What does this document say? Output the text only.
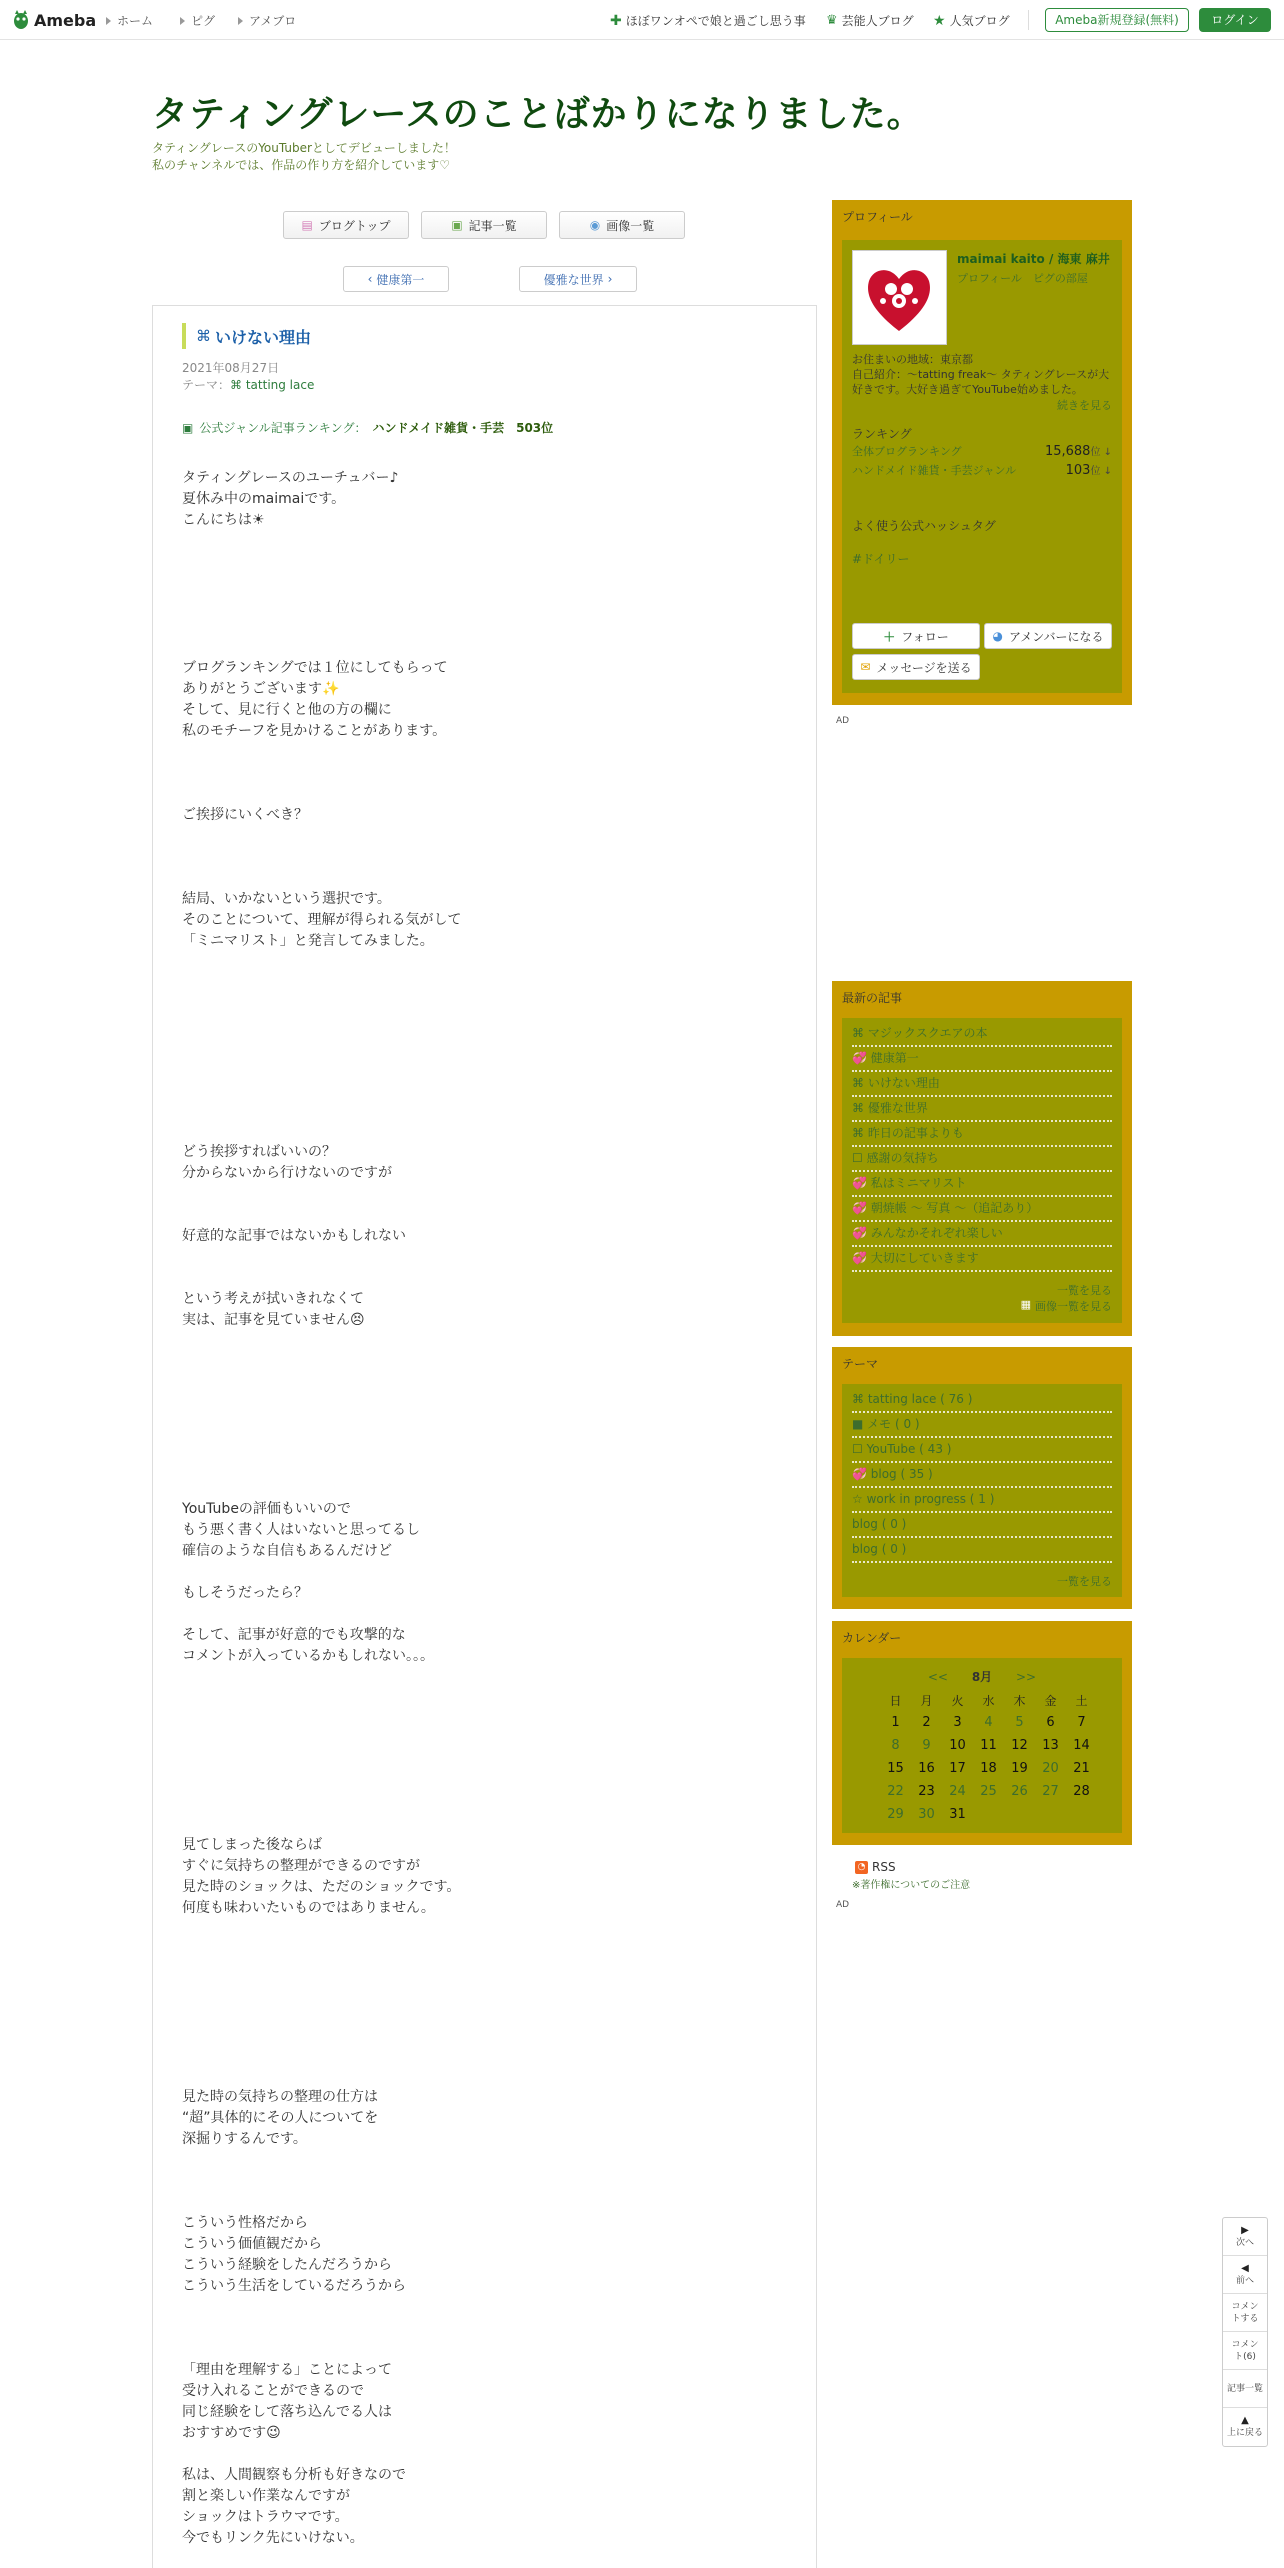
Ameba ホーム	ピグ	アメブロ	✚ ほぼワンオペで娘と過ごし思う事 ♛ 芸能人ブログ ★ 人気ブログ	Ameba新規登録(無料)	ログイン
タティングレースのことばかりになりました。
タティングレースのYouTuberとしてデビューしました！
私のチャンネルでは、作品の作り方を紹介しています♡
▤ ブログトップ	▣ 記事一覧	◉ 画像一覧
‹ 健康第一	優雅な世界 ›
⌘ いけない理由
2021年08月27日
テーマ：⌘ tatting lace
▣ 公式ジャンル記事ランキング： ハンドメイド雑貨・手芸　503位
タティングレースのユーチュバー♪
夏休み中のmaimaiです。
こんにちは☀
ブログランキングでは１位にしてもらって
ありがとうございます✨
そして、見に行くと他の方の欄に
私のモチーフを見かけることがあります。
ご挨拶にいくべき？
結局、いかないという選択です。
そのことについて、理解が得られる気がして
「ミニマリスト」と発言してみました。
どう挨拶すればいいの？
分からないから行けないのですが
好意的な記事ではないかもしれない
という考えが拭いきれなくて
実は、記事を見ていません😣
YouTubeの評価もいいので
もう悪く書く人はいないと思ってるし
確信のような自信もあるんだけど
もしそうだったら？
そして、記事が好意的でも攻撃的な
コメントが入っているかもしれない。。。
見てしまった後ならば
すぐに気持ちの整理ができるのですが
見た時のショックは、ただのショックです。
何度も味わいたいものではありません。
見た時の気持ちの整理の仕方は
“超”具体的にその人についてを
深掘りするんです。
こういう性格だから
こういう価値観だから
こういう経験をしたんだろうから
こういう生活をしているだろうから
「理由を理解する」ことによって
受け入れることができるので
同じ経験をして落ち込んでる人は
おすすめです😉
私は、人間観察も分析も好きなので
割と楽しい作業なんですが
ショックはトラウマです。
今でもリンク先にいけない。
プロフィール
maimai kaito / 海東 麻井
プロフィール　ピグの部屋
お住まいの地域：東京都
自己紹介：〜tatting freak〜 タティングレースが大好きです。大好き過ぎてYouTube始めました。
続きを見る
ランキング
全体ブログランキング	15,688位 ↓
ハンドメイド雑貨・手芸ジャンル	103位 ↓
よく使う公式ハッシュタグ
#ドイリー
＋ フォロー	◕ アメンバーになる
✉ メッセージを送る
AD
最新の記事
⌘ マジックスクエアの本
💞 健康第一
⌘ いけない理由
⌘ 優雅な世界
⌘ 昨日の記事よりも
☐ 感謝の気持ち
💞 私はミニマリスト
💞 朝焼帳 〜 写真 〜（追記あり）
💞 みんなかそれぞれ楽しい
💞 大切にしていきます
一覧を見る
▦ 画像一覧を見る
テーマ
⌘ tatting lace ( 76 )
■ メモ ( 0 )
☐ YouTube ( 43 )
💞 blog ( 35 )
☆ work in progress ( 1 )
blog ( 0 )
blog ( 0 )
一覧を見る
カレンダー
<< 8月 >>
日	月	火	水	木	金	土
1	2	3	4	5	6	7
8	9	10	11	12	13	14
15	16	17	18	19	20	21
22	23	24	25	26	27	28
29	30	31
◔ RSS
※著作権についてのご注意
AD
▶
次へ
◀
前へ
コメントする
コメント(6)
記事一覧
▲
上に戻る
